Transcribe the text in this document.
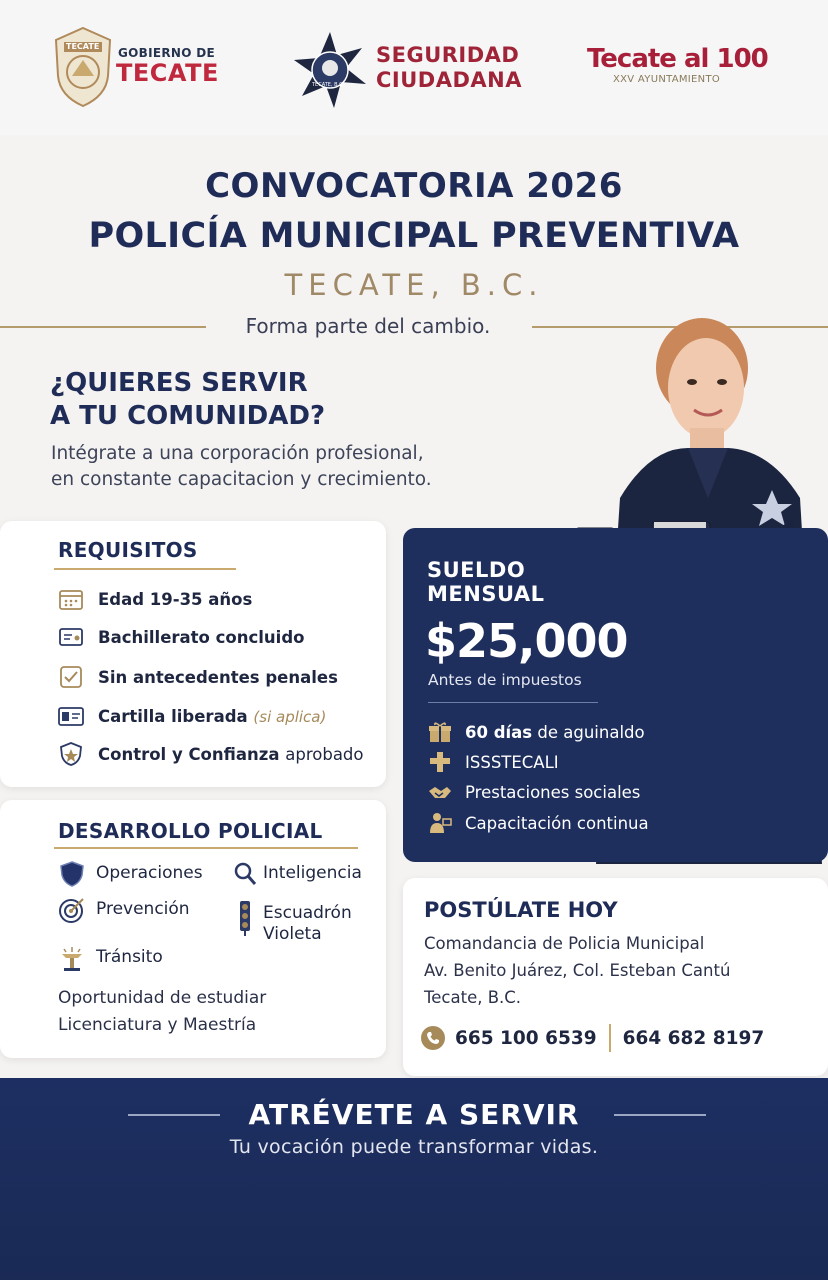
TECATE GOBIERNO DE
TECATE	TECATE, B.C.
SEGURIDAD
CIUDADANA
Tecate al 100
XXV AYUNTAMIENTO
CONVOCATORIA 2026
POLICÍA MUNICIPAL PREVENTIVA
TECATE, B.C.
Forma parte del cambio.
¿QUIERES SERVIR
A TU COMUNIDAD?
Intégrate a una corporación profesional,
en constante capacitacion y crecimiento.
REQUISITOS
Edad 19-35 años
Bachillerato concluido
Sin antecedentes penales
Cartilla liberada (si aplica)
Control y Confianza aprobado
DESARROLLO POLICIAL
Operaciones	Inteligencia
Prevención	Escuadrón
Violeta
Tránsito
Oportunidad de estudiar
Licenciatura y Maestría
SUELDO
MENSUAL
$25,000
Antes de impuestos
60 días de aguinaldo
ISSSTECALI
Prestaciones sociales
Capacitación continua
POSTÚLATE HOY
Comandancia de Policia Municipal
Av. Benito Juárez, Col. Esteban Cantú
Tecate, B.C.
665 100 6539 664 682 8197
ATRÉVETE A SERVIR
Tu vocación puede transformar vidas.
